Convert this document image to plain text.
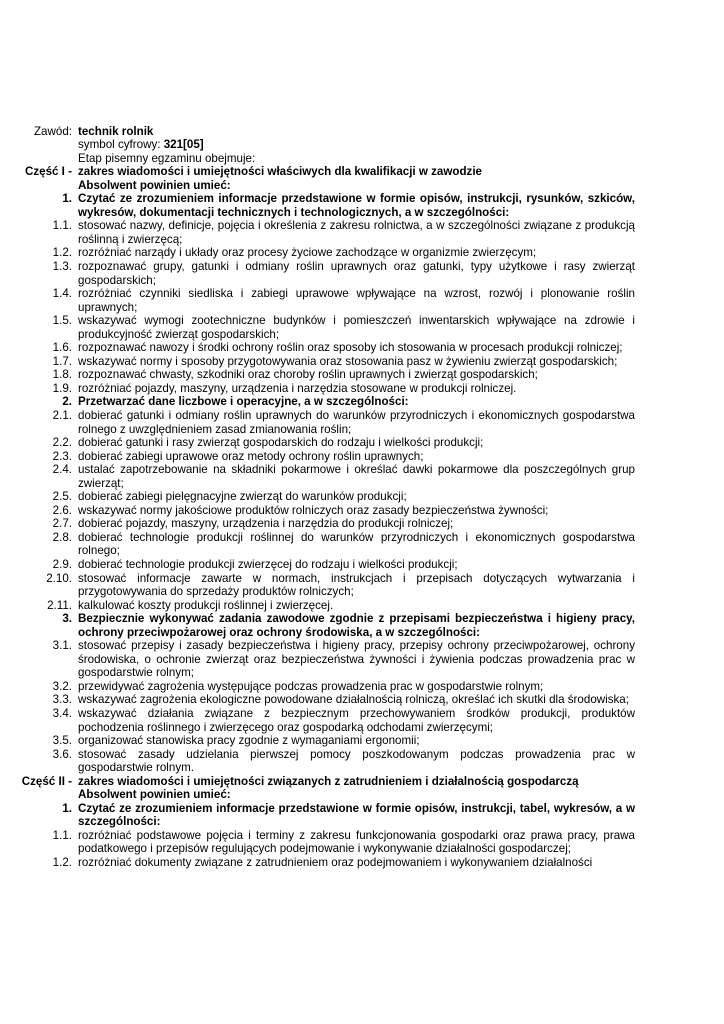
Zawód: technik rolnik
symbol cyfrowy: 321[05]
Etap pisemny egzaminu obejmuje:
Część I - zakres wiadomości i umiejętności właściwych dla kwalifikacji w zawodzie
Absolwent powinien umieć:
1. Czytać ze zrozumieniem informacje przedstawione w formie opisów, instrukcji, rysunków, szkiców, wykresów, dokumentacji technicznych i technologicznych, a w szczególności:
1.1. stosować nazwy, definicje, pojęcia i określenia z zakresu rolnictwa, a w szczególności związane z produkcją roślinną i zwierzęcą;
1.2. rozróżniać narządy i układy oraz procesy życiowe zachodzące w organizmie zwierzęcym;
1.3. rozpoznawać grupy, gatunki i odmiany roślin uprawnych oraz gatunki, typy użytkowe i rasy zwierząt gospodarskich;
1.4. rozróżniać czynniki siedliska i zabiegi uprawowe wpływające na wzrost, rozwój i plonowanie roślin uprawnych;
1.5. wskazywać wymogi zootechniczne budynków i pomieszczeń inwentarskich wpływające na zdrowie i produkcyjność zwierząt gospodarskich;
1.6. rozpoznawać nawozy i środki ochrony roślin oraz sposoby ich stosowania w procesach produkcji rolniczej;
1.7. wskazywać normy i sposoby przygotowywania oraz stosowania pasz w żywieniu zwierząt gospodarskich;
1.8. rozpoznawać chwasty, szkodniki oraz choroby roślin uprawnych i zwierząt gospodarskich;
1.9. rozróżniać pojazdy, maszyny, urządzenia i narzędzia stosowane w produkcji rolniczej.
2. Przetwarzać dane liczbowe i operacyjne, a w szczególności:
2.1. dobierać gatunki i odmiany roślin uprawnych do warunków przyrodniczych i ekonomicznych gospodarstwa rolnego z uwzględnieniem zasad zmianowania roślin;
2.2. dobierać gatunki i rasy zwierząt gospodarskich do rodzaju i wielkości produkcji;
2.3. dobierać zabiegi uprawowe oraz metody ochrony roślin uprawnych;
2.4. ustalać zapotrzebowanie na składniki pokarmowe i określać dawki pokarmowe dla poszczególnych grup zwierząt;
2.5. dobierać zabiegi pielęgnacyjne zwierząt do warunków produkcji;
2.6. wskazywać normy jakościowe produktów rolniczych oraz zasady bezpieczeństwa żywności;
2.7. dobierać pojazdy, maszyny, urządzenia i narzędzia do produkcji rolniczej;
2.8. dobierać technologie produkcji roślinnej do warunków przyrodniczych i ekonomicznych gospodarstwa rolnego;
2.9. dobierać technologie produkcji zwierzęcej do rodzaju i wielkości produkcji;
2.10. stosować informacje zawarte w normach, instrukcjach i przepisach dotyczących wytwarzania i przygotowywania do sprzedaży produktów rolniczych;
2.11. kalkulować koszty produkcji roślinnej i zwierzęcej.
3. Bezpiecznie wykonywać zadania zawodowe zgodnie z przepisami bezpieczeństwa i higieny pracy, ochrony przeciwpożarowej oraz ochrony środowiska, a w szczególności:
3.1. stosować przepisy i zasady bezpieczeństwa i higieny pracy, przepisy ochrony przeciwpożarowej, ochrony środowiska, o ochronie zwierząt oraz bezpieczeństwa żywności i żywienia podczas prowadzenia prac w gospodarstwie rolnym;
3.2. przewidywać zagrożenia występujące podczas prowadzenia prac w gospodarstwie rolnym;
3.3. wskazywać zagrożenia ekologiczne powodowane działalnością rolniczą, określać ich skutki dla środowiska;
3.4. wskazywać działania związane z bezpiecznym przechowywaniem środków produkcji, produktów pochodzenia roślinnego i zwierzęcego oraz gospodarką odchodami zwierzęcymi;
3.5. organizować stanowiska pracy zgodnie z wymaganiami ergonomii;
3.6. stosować zasady udzielania pierwszej pomocy poszkodowanym podczas prowadzenia prac w gospodarstwie rolnym.
Część II - zakres wiadomości i umiejętności związanych z zatrudnieniem i działalnością gospodarczą
Absolwent powinien umieć:
1. Czytać ze zrozumieniem informacje przedstawione w formie opisów, instrukcji, tabel, wykresów, a w szczególności:
1.1. rozróżniać podstawowe pojęcia i terminy z zakresu funkcjonowania gospodarki oraz prawa pracy, prawa podatkowego i przepisów regulujących podejmowanie i wykonywanie działalności gospodarczej;
1.2. rozróżniać dokumenty związane z zatrudnieniem oraz podejmowaniem i wykonywaniem działalności
